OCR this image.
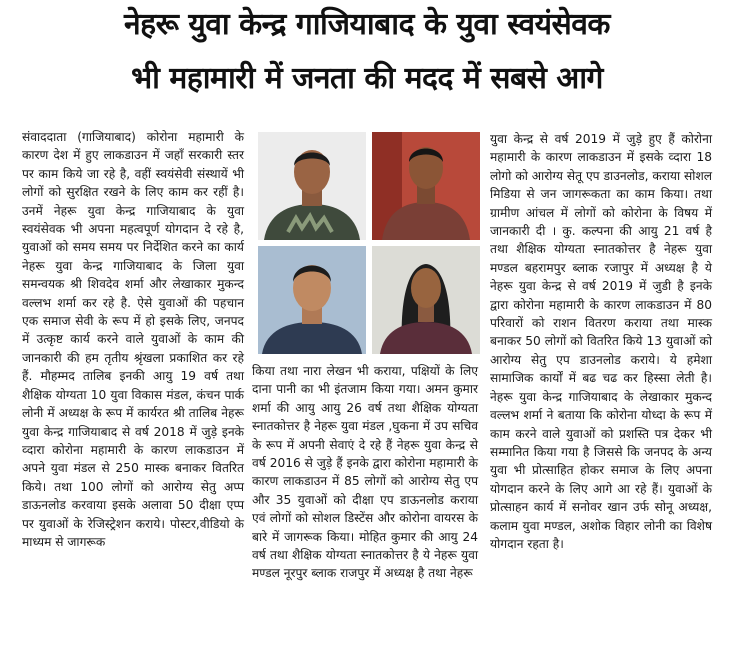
नेहरू युवा केन्द्र गाजियाबाद के युवा स्वयंसेवक
भी महामारी में जनता की मदद में सबसे आगे
संवाददाता (गाजियाबाद) कोरोना महामारी के कारण देश में हुए लाकडाउन में जहाँ सरकारी स्तर पर काम किये जा रहे है, वहीं स्वयंसेवी संस्थायें भी लोगों को सुरक्षित रखने के लिए काम कर रहीं है। उनमें नेहरू युवा केन्द्र गाजियाबाद के युवा स्वयंसेवक भी अपना महत्वपूर्ण योगदान दे रहे है, युवाओं को समय समय पर निर्देशित करने का कार्य नेहरू युवा केन्द्र गाजियाबाद के जिला युवा समन्वयक श्री शिवदेव शर्मा और लेखाकार मुकन्द वल्लभ शर्मा कर रहे है. ऐसे युवाओं की पहचान एक समाज सेवी के रूप में हो इसके लिए, जनपद में उत्कृष्ट कार्य करने वाले युवाओं के काम की जानकारी की हम तृतीय श्रृंखला प्रकाशित कर रहे हैं. मौहम्मद तालिब इनकी आयु 19 वर्ष तथा शैक्षिक योग्यता 10 युवा विकास मंडल, कंचन पार्क लोनी में अध्यक्ष के रूप में कार्यरत श्री तालिब नेहरू युवा केन्द्र गाजियाबाद से वर्ष 2018 में जुड़े इनके व्दारा कोरोना महामारी के कारण लाकडाउन में अपने युवा मंडल से 250 मास्क बनाकर वितरित किये। तथा 100 लोगों को आरोग्य सेतु अप्प डाऊनलोड करवाया इसके अलावा 50 दीक्षा एप्प पर युवाओं के रेजिस्ट्रेशन कराये। पोस्टर,वीडियो के माध्यम से जागरूक
किया तथा नारा लेखन भी कराया, पक्षियों के लिए दाना पानी का भी इंतजाम किया गया। अमन कुमार शर्मा की आयु आयु 26 वर्ष तथा शैक्षिक योग्यता स्नातकोत्तर है नेहरू युवा मंडल ,घुकना में उप सचिव के रूप में अपनी सेवाएं दे रहे हैं नेहरू युवा केन्द्र से वर्ष 2016 से जुड़े हैं इनके द्वारा कोरोना महामारी के कारण लाकडाउन में 85 लोगों को आरोग्य सेतु एप और 35 युवाओं को दीक्षा एप डाऊनलोड कराया एवं लोगों को सोशल डिस्टेंस और कोरोना वायरस के बारे में जागरूक किया। मोहित कुमार की आयु 24 वर्ष तथा शैक्षिक योग्यता स्नातकोत्तर है ये नेहरू युवा मण्डल नूरपुर ब्लाक राजपुर में अध्यक्ष है तथा नेहरू
युवा केन्द्र से वर्ष 2019 में जुड़े हुए हैं कोरोना महामारी के कारण लाकडाउन में इसके व्दारा 18 लोगो को आरोग्य सेतू एप डाउनलोड, कराया सोशल मिडिया से जन जागरूकता का काम किया। तथा ग्रामीण आंचल में लोगों को कोरोना के विषय में जानकारी दी । कु. कल्पना की आयु 21 वर्ष है तथा शैक्षिक योग्यता स्नातकोत्तर है नेहरू युवा मण्डल बहरामपुर ब्लाक रजापुर में अध्यक्ष है ये नेहरू युवा केन्द्र से वर्ष 2019 में जुडी है इनके द्वारा कोरोना महामारी के कारण लाकडाउन में 80 परिवारों को राशन वितरण कराया तथा मास्क बनाकर 50 लोगों को वितरित किये 13 युवाओं को आरोग्य सेतु एप डाउनलोड कराये। ये हमेशा सामाजिक कार्यों में बढ चढ कर हिस्सा लेती है। नेहरू युवा केन्द्र गाजियाबाद के लेखाकार मुकन्द वल्लभ शर्मा ने बताया कि कोरोना योध्दा के रूप में काम करने वाले युवाओं को प्रशस्ति पत्र देकर भी सम्मानित किया गया है जिससे कि जनपद के अन्य युवा भी प्रोत्साहित होकर समाज के लिए अपना योगदान करने के लिए आगे आ रहे हैं। युवाओं के प्रोत्साहन कार्य में सनोवर खान उर्फ सोनू अध्यक्ष, कलाम युवा मण्डल, अशोक विहार लोनी का विशेष योगदान रहता है।
